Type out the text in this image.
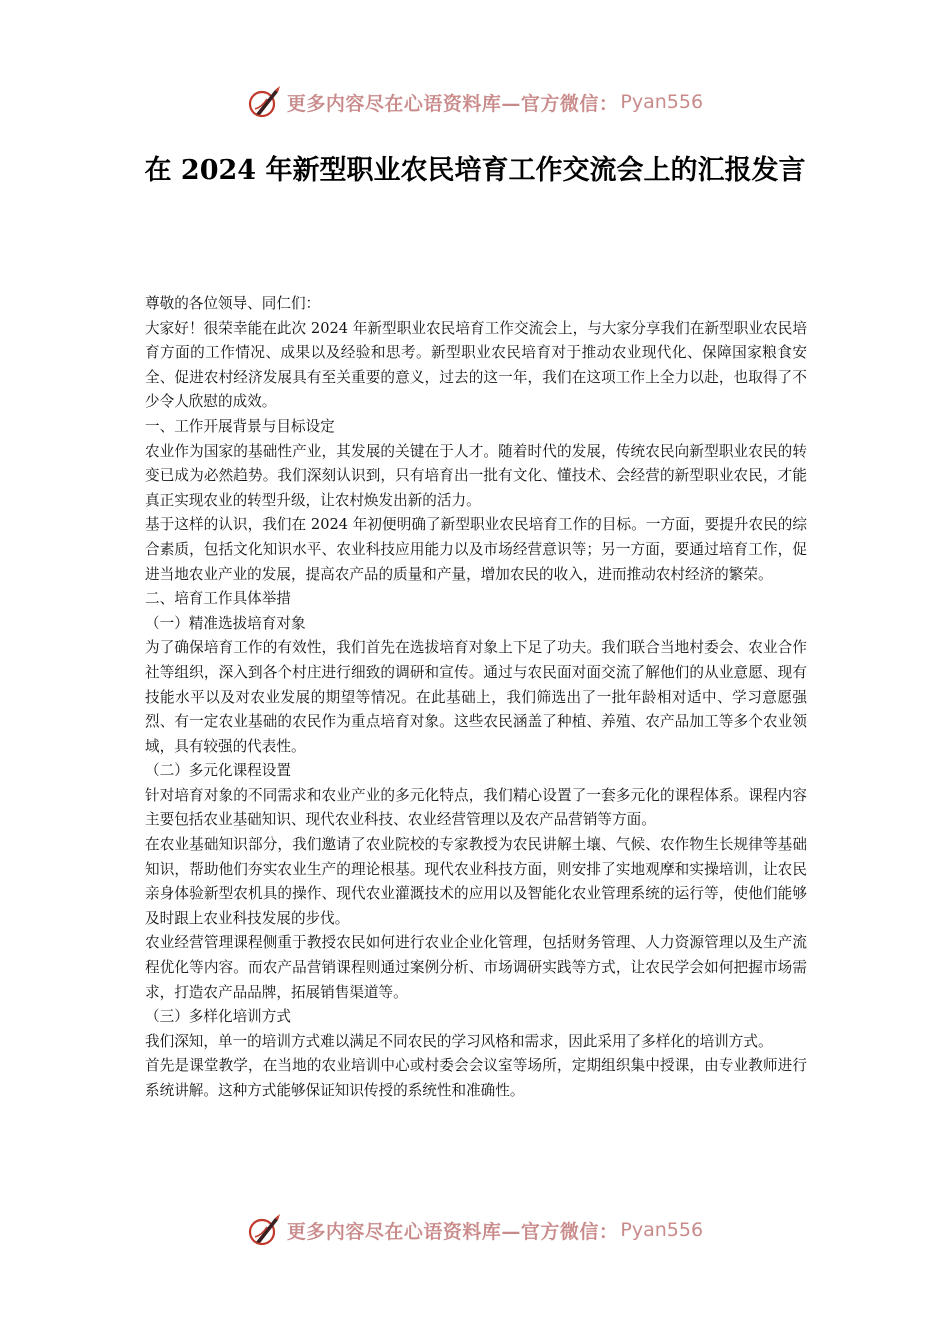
更多内容尽在心语资料库—官方微信： Pyan556
在 2024 年新型职业农民培育工作交流会上的汇报发言

尊敬的各位领导、同仁们：

大家好！很荣幸能在此次 2024 年新型职业农民培育工作交流会上，与大家分享我们在新型职业农民培育方面的工作情况、成果以及经验和思考。新型职业农民培育对于推动农业现代化、保障国家粮食安全、促进农村经济发展具有至关重要的意义，过去的这一年，我们在这项工作上全力以赴，也取得了不少令人欣慰的成效。

一、工作开展背景与目标设定

农业作为国家的基础性产业，其发展的关键在于人才。随着时代的发展，传统农民向新型职业农民的转变已成为必然趋势。我们深刻认识到，只有培育出一批有文化、懂技术、会经营的新型职业农民，才能真正实现农业的转型升级，让农村焕发出新的活力。

基于这样的认识，我们在 2024 年初便明确了新型职业农民培育工作的目标。一方面，要提升农民的综合素质，包括文化知识水平、农业科技应用能力以及市场经营意识等；另一方面，要通过培育工作，促进当地农业产业的发展，提高农产品的质量和产量，增加农民的收入，进而推动农村经济的繁荣。

二、培育工作具体举措

（一）精准选拔培育对象

为了确保培育工作的有效性，我们首先在选拔培育对象上下足了功夫。我们联合当地村委会、农业合作社等组织，深入到各个村庄进行细致的调研和宣传。通过与农民面对面交流了解他们的从业意愿、现有技能水平以及对农业发展的期望等情况。在此基础上，我们筛选出了一批年龄相对适中、学习意愿强烈、有一定农业基础的农民作为重点培育对象。这些农民涵盖了种植、养殖、农产品加工等多个农业领域，具有较强的代表性。

（二）多元化课程设置

针对培育对象的不同需求和农业产业的多元化特点，我们精心设置了一套多元化的课程体系。课程内容主要包括农业基础知识、现代农业科技、农业经营管理以及农产品营销等方面。

在农业基础知识部分，我们邀请了农业院校的专家教授为农民讲解土壤、气候、农作物生长规律等基础知识，帮助他们夯实农业生产的理论根基。现代农业科技方面，则安排了实地观摩和实操培训，让农民亲身体验新型农机具的操作、现代农业灌溉技术的应用以及智能化农业管理系统的运行等，使他们能够及时跟上农业科技发展的步伐。

农业经营管理课程侧重于教授农民如何进行农业企业化管理，包括财务管理、人力资源管理以及生产流程优化等内容。而农产品营销课程则通过案例分析、市场调研实践等方式，让农民学会如何把握市场需求，打造农产品品牌，拓展销售渠道等。

（三）多样化培训方式

我们深知，单一的培训方式难以满足不同农民的学习风格和需求，因此采用了多样化的培训方式。

首先是课堂教学，在当地的农业培训中心或村委会会议室等场所，定期组织集中授课，由专业教师进行系统讲解。这种方式能够保证知识传授的系统性和准确性。

更多内容尽在心语资料库—官方微信： Pyan556
